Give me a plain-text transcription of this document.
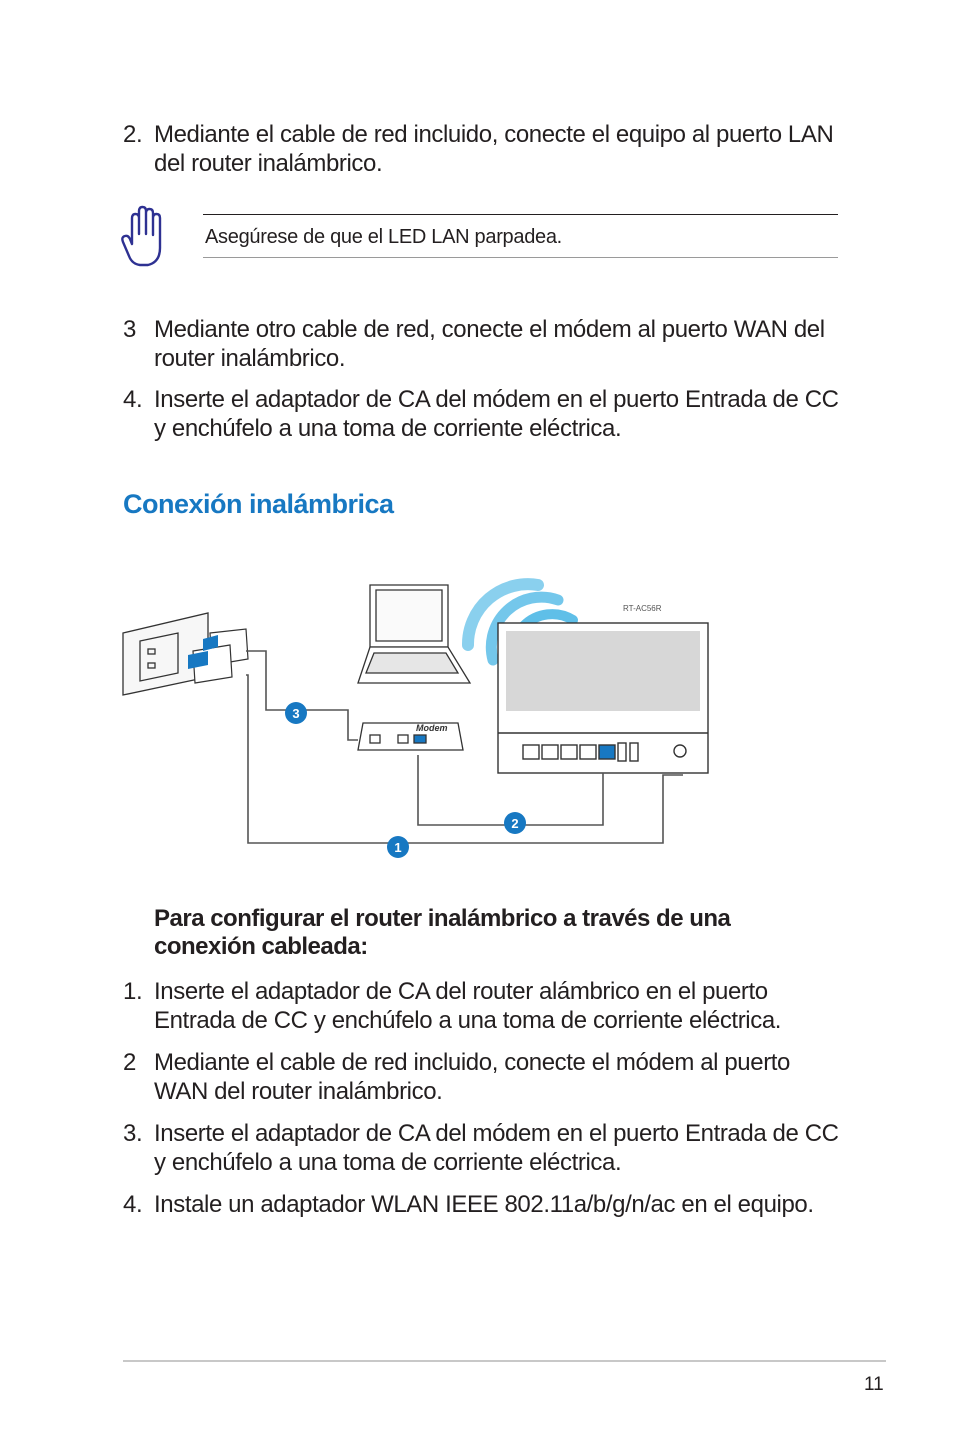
2. Mediante el cable de red incluido, conecte el equipo al puerto LAN del router inalámbrico.
Asegúrese de que el LED LAN parpadea.
3 Mediante otro cable de red, conecte el módem al puerto WAN del router inalámbrico.
4. Inserte el adaptador de CA del módem en el puerto Entrada de CC y enchúfelo a una toma de corriente eléctrica.
Conexión inalámbrica
RT-AC56R
Modem
1
2
3
Para configurar el router inalámbrico a través de una conexión cableada:
1. Inserte el adaptador de CA del router alámbrico en el puerto Entrada de CC y enchúfelo a una toma de corriente eléctrica.
2 Mediante el cable de red incluido, conecte el módem al puerto WAN del router inalámbrico.
3. Inserte el adaptador de CA del módem en el puerto Entrada de CC y enchúfelo a una toma de corriente eléctrica.
4. Instale un adaptador WLAN IEEE 802.11a/b/g/n/ac en el equipo.
11
